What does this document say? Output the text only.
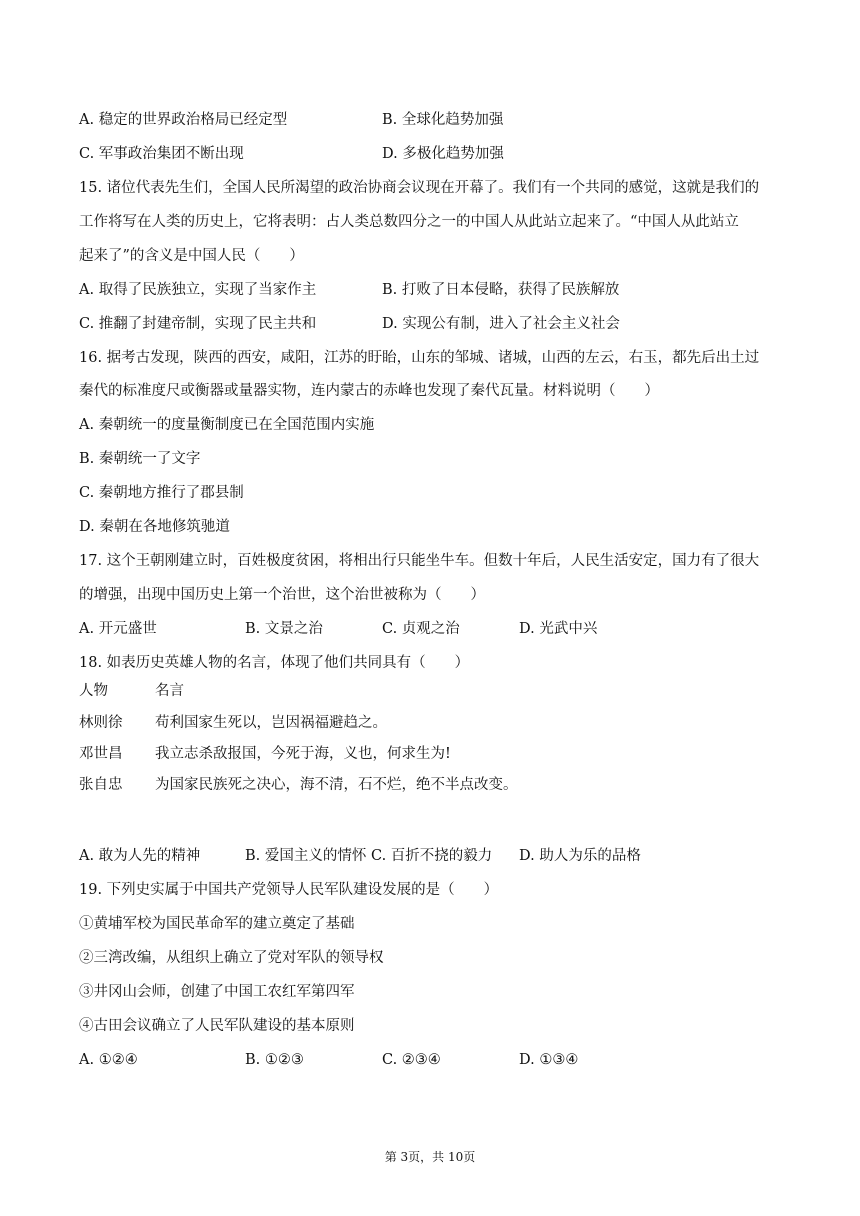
A. 稳定的世界政治格局已经定型	B. 全球化趋势加强
C. 军事政治集团不断出现	D. 多极化趋势加强
15. 诸位代表先生们，全国人民所渴望的政治协商会议现在开幕了。我们有一个共同的感觉，这就是我们的
工作将写在人类的历史上，它将表明：占人类总数四分之一的中国人从此站立起来了。“中国人从此站立
起来了”的含义是中国人民（　　）
A. 取得了民族独立，实现了当家作主	B. 打败了日本侵略，获得了民族解放
C. 推翻了封建帝制，实现了民主共和	D. 实现公有制，进入了社会主义社会
16. 据考古发现，陕西的西安，咸阳，江苏的盱眙，山东的邹城、诸城，山西的左云，右玉，都先后出土过
秦代的标准度尺或衡器或量器实物，连内蒙古的赤峰也发现了秦代瓦量。材料说明（　　）
A. 秦朝统一的度量衡制度已在全国范围内实施
B. 秦朝统一了文字
C. 秦朝地方推行了郡县制
D. 秦朝在各地修筑驰道
17. 这个王朝刚建立时，百姓极度贫困，将相出行只能坐牛车。但数十年后，人民生活安定，国力有了很大
的增强，出现中国历史上第一个治世，这个治世被称为（　　）
A. 开元盛世	B. 文景之治	C. 贞观之治	D. 光武中兴
18. 如表历史英雄人物的名言，体现了他们共同具有（　　）
人物	名言
林则徐 苟利国家生死以，岂因祸福避趋之。
邓世昌 我立志杀敌报国，今死于海，义也，何求生为!
张自忠 为国家民族死之决心，海不清，石不烂，绝不半点改变。
A. 敢为人先的精神	B. 爱国主义的情怀 C. 百折不挠的毅力 D. 助人为乐的品格
19. 下列史实属于中国共产党领导人民军队建设发展的是（　　）
①黄埔军校为国民革命军的建立奠定了基础
②三湾改编，从组织上确立了党对军队的领导权
③井冈山会师，创建了中国工农红军第四军
④古田会议确立了人民军队建设的基本原则
A. ①②④	B. ①②③	C. ②③④	D. ①③④
第 3页，共 10页
